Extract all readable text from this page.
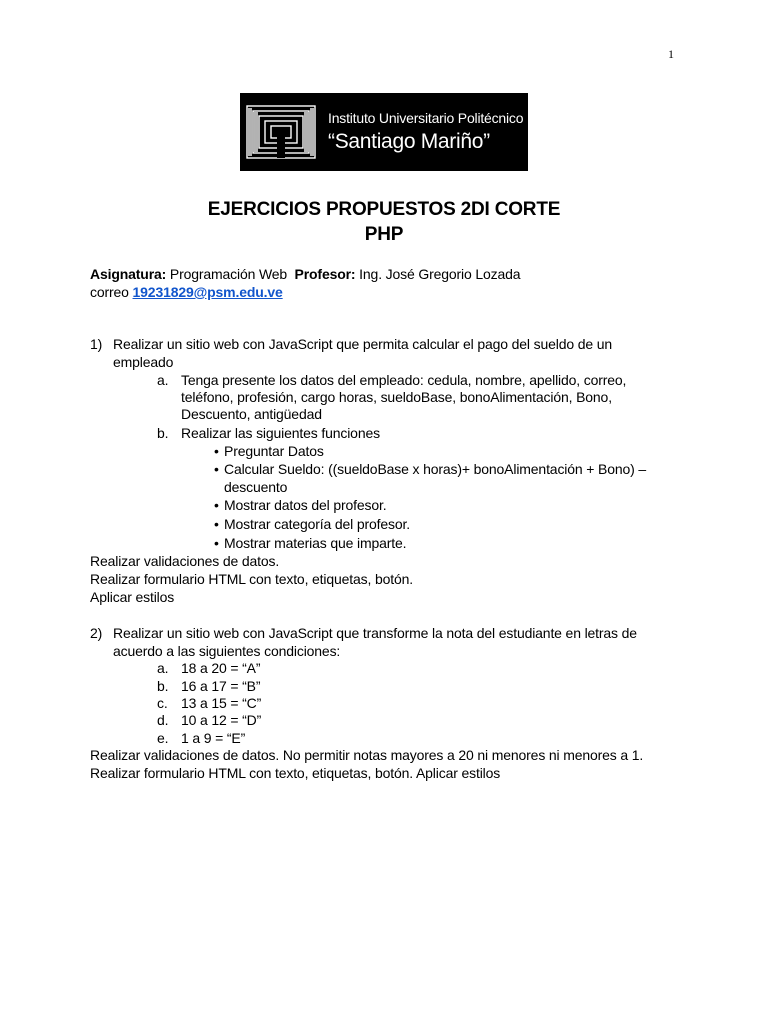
1
Instituto Universitario Politécnico
“Santiago Mariño”
EJERCICIOS PROPUESTOS 2DI CORTE
PHP
Asignatura: Programación Web Profesor: Ing. José Gregorio Lozada
correo 19231829@psm.edu.ve
1) Realizar un sitio web con JavaScript que permita calcular el pago del sueldo de un
empleado
a. Tenga presente los datos del empleado: cedula, nombre, apellido, correo,
teléfono, profesión, cargo horas, sueldoBase, bonoAlimentación, Bono,
Descuento, antigüedad
b. Realizar las siguientes funciones
• Preguntar Datos
• Calcular Sueldo: ((sueldoBase x horas)+ bonoAlimentación + Bono) –
descuento
• Mostrar datos del profesor.
• Mostrar categoría del profesor.
• Mostrar materias que imparte.
Realizar validaciones de datos.
Realizar formulario HTML con texto, etiquetas, botón.
Aplicar estilos
2) Realizar un sitio web con JavaScript que transforme la nota del estudiante en letras de
acuerdo a las siguientes condiciones:
a. 18 a 20 = “A”
b. 16 a 17 = “B”
c. 13 a 15 = “C”
d. 10 a 12 = “D”
e. 1 a 9 = “E”
Realizar validaciones de datos. No permitir notas mayores a 20 ni menores ni menores a 1.
Realizar formulario HTML con texto, etiquetas, botón. Aplicar estilos
